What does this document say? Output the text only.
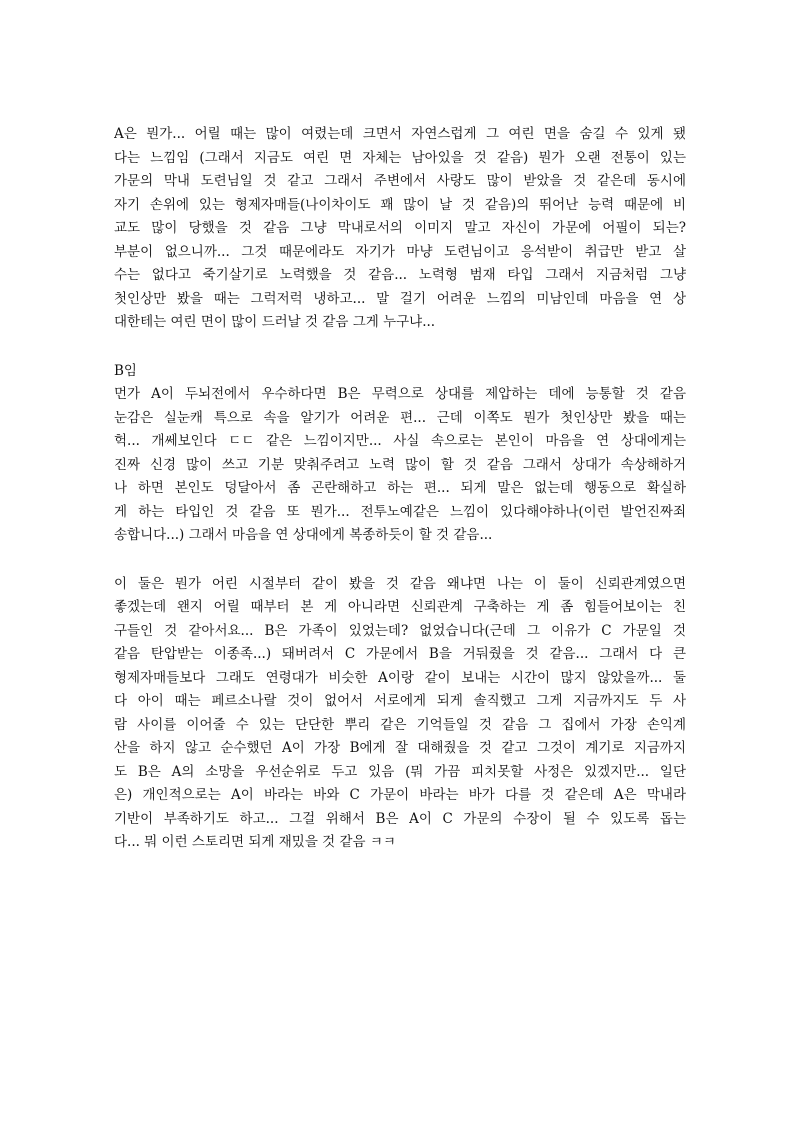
A은 뭔가... 어릴 때는 많이 여렸는데 크면서 자연스럽게 그 여린 면을 숨길 수 있게 됐
다는 느낌임 (그래서 지금도 여린 면 자체는 남아있을 것 같음) 뭔가 오랜 전통이 있는
가문의 막내 도련님일 것 같고 그래서 주변에서 사랑도 많이 받았을 것 같은데 동시에
자기 손위에 있는 형제자매들(나이차이도 꽤 많이 날 것 같음)의 뛰어난 능력 때문에 비
교도 많이 당했을 것 같음 그냥 막내로서의 이미지 말고 자신이 가문에 어필이 되는?
부분이 없으니까... 그것 때문에라도 자기가 마냥 도련님이고 응석받이 취급만 받고 살
수는 없다고 죽기살기로 노력했을 것 같음... 노력형 범재 타입 그래서 지금처럼 그냥
첫인상만 봤을 때는 그럭저럭 냉하고... 말 걸기 어려운 느낌의 미남인데 마음을 연 상
대한테는 여린 면이 많이 드러날 것 같음 그게 누구냐...
B임
먼가 A이 두뇌전에서 우수하다면 B은 무력으로 상대를 제압하는 데에 능통할 것 같음
눈감은 실눈캐 특으로 속을 알기가 어려운 편... 근데 이쪽도 뭔가 첫인상만 봤을 때는
헉... 개쎄보인다 ㄷㄷ 같은 느낌이지만... 사실 속으로는 본인이 마음을 연 상대에게는
진짜 신경 많이 쓰고 기분 맞춰주려고 노력 많이 할 것 같음 그래서 상대가 속상해하거
나 하면 본인도 덩달아서 좀 곤란해하고 하는 편... 되게 말은 없는데 행동으로 확실하
게 하는 타입인 것 같음 또 뭔가... 전투노예같은 느낌이 있다해야하나(이런 발언진짜죄
송합니다...) 그래서 마음을 연 상대에게 복종하듯이 할 것 같음...
이 둘은 뭔가 어린 시절부터 같이 봤을 것 같음 왜냐면 나는 이 둘이 신뢰관계였으면
좋겠는데 왠지 어릴 때부터 본 게 아니라면 신뢰관계 구축하는 게 좀 힘들어보이는 친
구들인 것 같아서요... B은 가족이 있었는데? 없었습니다(근데 그 이유가 C 가문일 것
같음 탄압받는 이종족...) 돼버려서 C 가문에서 B을 거둬줬을 것 같음... 그래서 다 큰
형제자매들보다 그래도 연령대가 비슷한 A이랑 같이 보내는 시간이 많지 않았을까... 둘
다 아이 때는 페르소나랄 것이 없어서 서로에게 되게 솔직했고 그게 지금까지도 두 사
람 사이를 이어줄 수 있는 단단한 뿌리 같은 기억들일 것 같음 그 집에서 가장 손익계
산을 하지 않고 순수했던 A이 가장 B에게 잘 대해줬을 것 같고 그것이 계기로 지금까지
도 B은 A의 소망을 우선순위로 두고 있음 (뭐 가끔 피치못할 사정은 있겠지만... 일단
은) 개인적으로는 A이 바라는 바와 C 가문이 바라는 바가 다를 것 같은데 A은 막내라
기반이 부족하기도 하고... 그걸 위해서 B은 A이 C 가문의 수장이 될 수 있도록 돕는
다... 뭐 이런 스토리면 되게 재밌을 것 같음 ㅋㅋ
